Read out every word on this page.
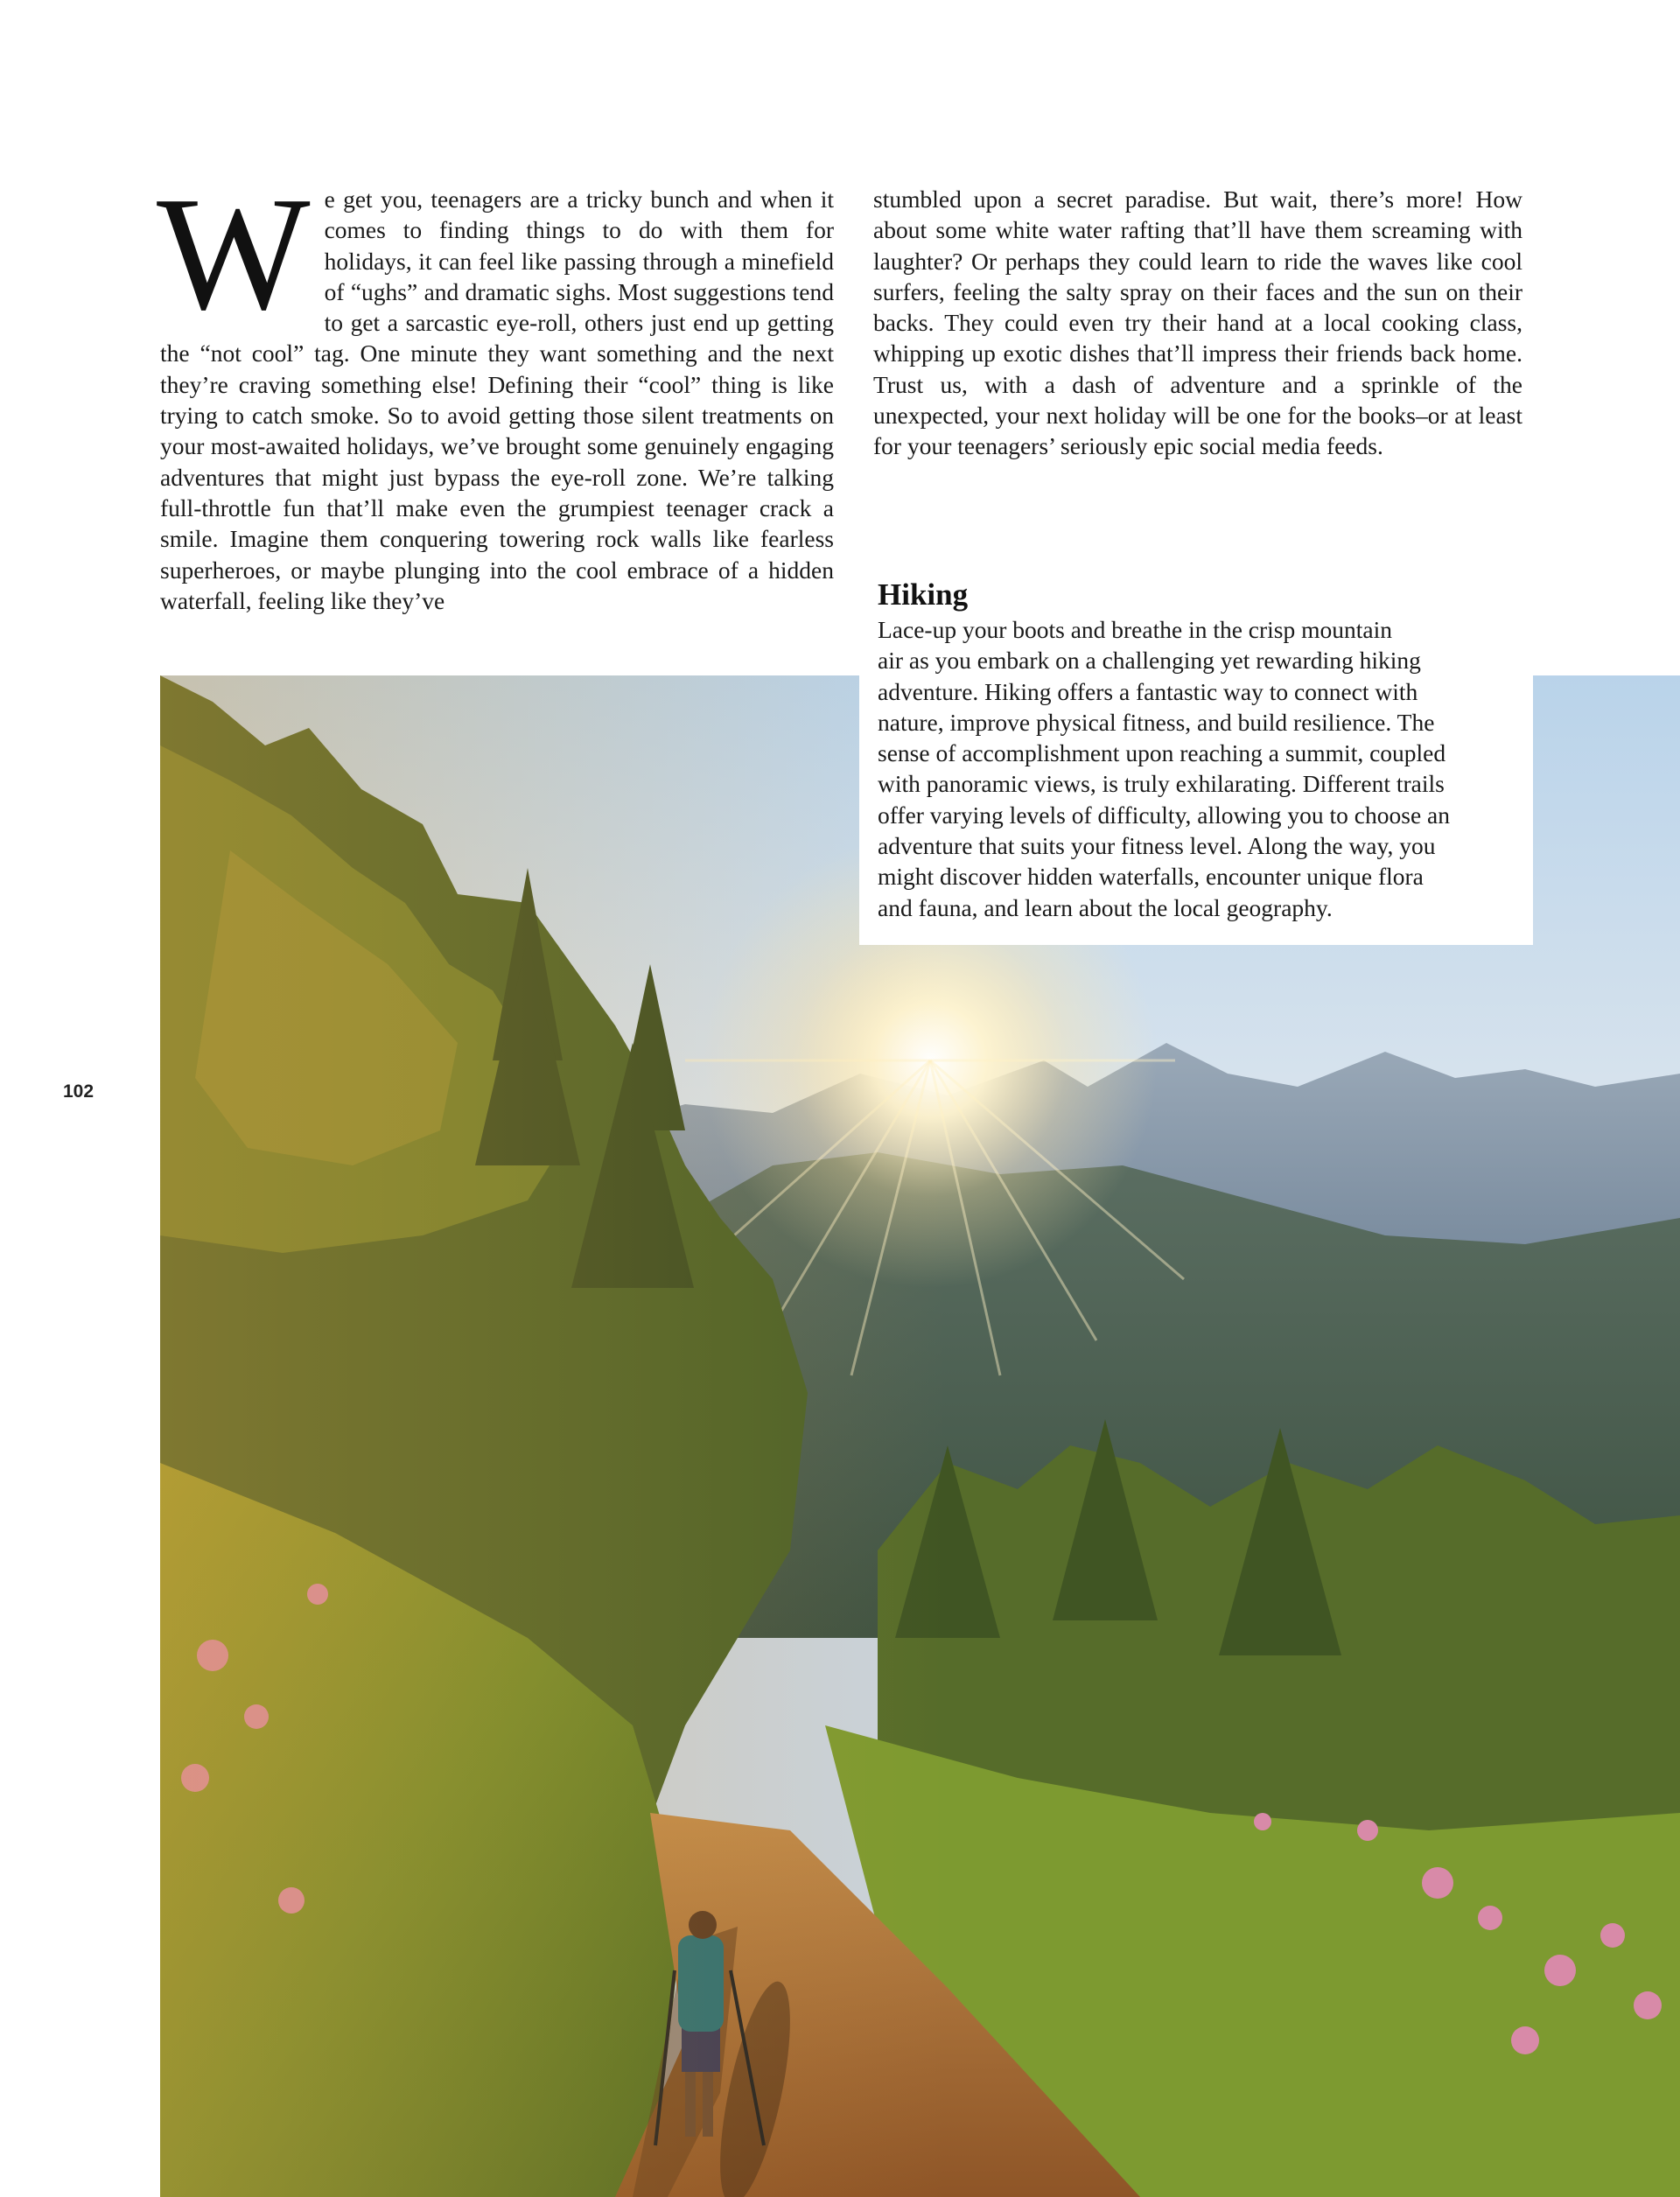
W e get you, teenagers are a tricky bunch and when it comes to finding things to do with them for holidays, it can feel like passing through a minefield of “ughs” and dramatic sighs. Most suggestions tend to get a sarcastic eye-roll, others just end up getting the “not cool” tag. One minute they want something and the next they’re craving something else! Defining their “cool” thing is like trying to catch smoke. So to avoid getting those silent treatments on your most-awaited holidays, we’ve brought some genuinely engaging adventures that might just bypass the eye-roll zone. We’re talking full-throttle fun that’ll make even the grumpiest teenager crack a smile. Imagine them conquering towering rock walls like fearless superheroes, or maybe plunging into the cool embrace of a hidden waterfall, feeling like they’ve

stumbled upon a secret paradise. But wait, there’s more! How about some white water rafting that’ll have them screaming with laughter? Or perhaps they could learn to ride the waves like cool surfers, feeling the salty spray on their faces and the sun on their backs. They could even try their hand at a local cooking class, whipping up exotic dishes that’ll impress their friends back home. Trust us, with a dash of adventure and a sprinkle of the unexpected, your next holiday will be one for the books–or at least for your teenagers’ seriously epic social media feeds.

Hiking
Lace-up your boots and breathe in the crisp mountain
air as you embark on a challenging yet rewarding hiking
adventure. Hiking offers a fantastic way to connect with
nature, improve physical fitness, and build resilience. The
sense of accomplishment upon reaching a summit, coupled
with panoramic views, is truly exhilarating. Different trails
offer varying levels of difficulty, allowing you to choose an
adventure that suits your fitness level. Along the way, you
might discover hidden waterfalls, encounter unique flora
and fauna, and learn about the local geography.
102
